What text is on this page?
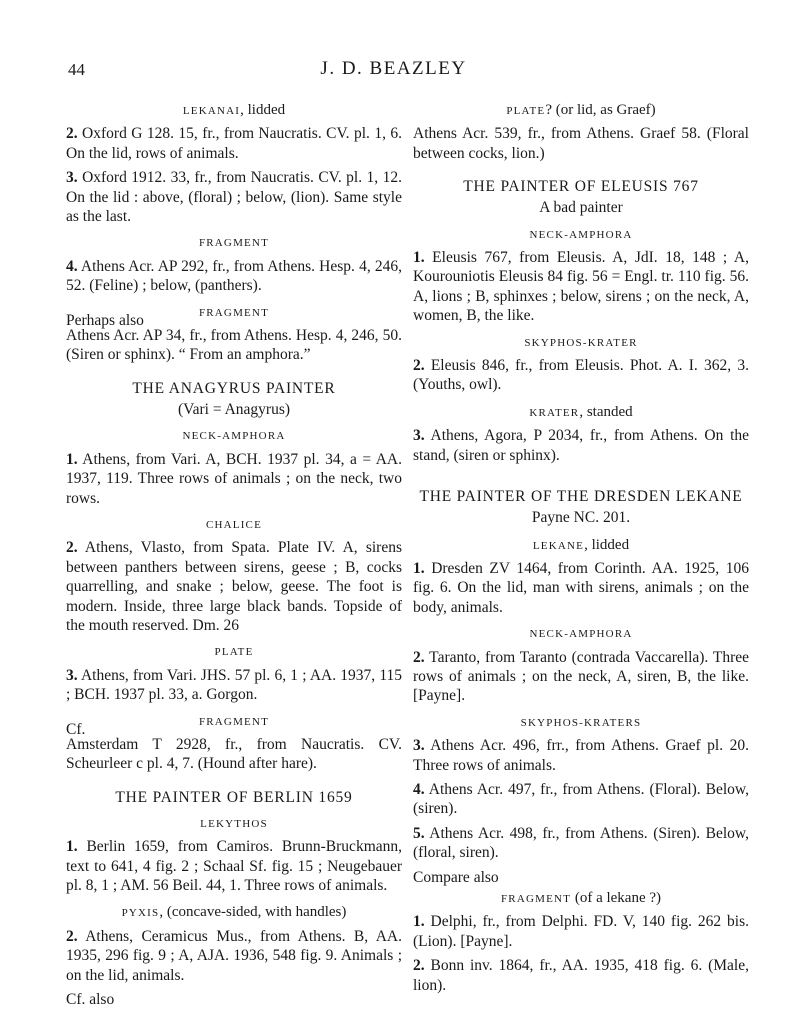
44	J. D. BEAZLEY
LEKANAI, lidded
2. Oxford G 128. 15, fr., from Naucratis. CV. pl. 1, 6. On the lid, rows of animals.
3. Oxford 1912. 33, fr., from Naucratis. CV. pl. 1, 12. On the lid : above, (floral) ; below, (lion). Same style as the last.
FRAGMENT
4. Athens Acr. AP 292, fr., from Athens. Hesp. 4, 246, 52. (Feline) ; below, (panthers).
Perhaps also	FRAGMENT
Athens Acr. AP 34, fr., from Athens. Hesp. 4, 246, 50. (Siren or sphinx). “ From an amphora.”
THE ANAGYRUS PAINTER
(Vari = Anagyrus)
NECK-AMPHORA
1. Athens, from Vari. A, BCH. 1937 pl. 34, a = AA. 1937, 119. Three rows of animals ; on the neck, two rows.
CHALICE
2. Athens, Vlasto, from Spata. Plate IV. A, sirens between panthers between sirens, geese ; B, cocks quarrelling, and snake ; below, geese. The foot is modern. Inside, three large black bands. Topside of the mouth reserved. Dm. 26
PLATE
3. Athens, from Vari. JHS. 57 pl. 6, 1 ; AA. 1937, 115 ; BCH. 1937 pl. 33, a. Gorgon.
Cf.	FRAGMENT
Amsterdam T 2928, fr., from Naucratis. CV. Scheurleer c pl. 4, 7. (Hound after hare).
THE PAINTER OF BERLIN 1659
LEKYTHOS
1. Berlin 1659, from Camiros. Brunn-Bruckmann, text to 641, 4 fig. 2 ; Schaal Sf. fig. 15 ; Neugebauer pl. 8, 1 ; AM. 56 Beil. 44, 1. Three rows of animals.
PYXIS, (concave-sided, with handles)
2. Athens, Ceramicus Mus., from Athens. B, AA. 1935, 296 fig. 9 ; A, AJA. 1936, 548 fig. 9. Animals ; on the lid, animals.
Cf. also
PLATE? (or lid, as Graef)
Athens Acr. 539, fr., from Athens. Graef 58. (Floral between cocks, lion.)
THE PAINTER OF ELEUSIS 767
A bad painter
NECK-AMPHORA
1. Eleusis 767, from Eleusis. A, JdI. 18, 148 ; A, Kourouniotis Eleusis 84 fig. 56 = Engl. tr. 110 fig. 56. A, lions ; B, sphinxes ; below, sirens ; on the neck, A, women, B, the like.
SKYPHOS-KRATER
2. Eleusis 846, fr., from Eleusis. Phot. A. I. 362, 3. (Youths, owl).
KRATER, standed
3. Athens, Agora, P 2034, fr., from Athens. On the stand, (siren or sphinx).
THE PAINTER OF THE DRESDEN LEKANE
Payne NC. 201.
LEKANE, lidded
1. Dresden ZV 1464, from Corinth. AA. 1925, 106 fig. 6. On the lid, man with sirens, animals ; on the body, animals.
NECK-AMPHORA
2. Taranto, from Taranto (contrada Vaccarella). Three rows of animals ; on the neck, A, siren, B, the like. [Payne].
SKYPHOS-KRATERS
3. Athens Acr. 496, frr., from Athens. Graef pl. 20. Three rows of animals.
4. Athens Acr. 497, fr., from Athens. (Floral). Below, (siren).
5. Athens Acr. 498, fr., from Athens. (Siren). Below, (floral, siren).
Compare also
FRAGMENT (of a lekane ?)
1. Delphi, fr., from Delphi. FD. V, 140 fig. 262 bis. (Lion). [Payne].
2. Bonn inv. 1864, fr., AA. 1935, 418 fig. 6. (Male, lion).
